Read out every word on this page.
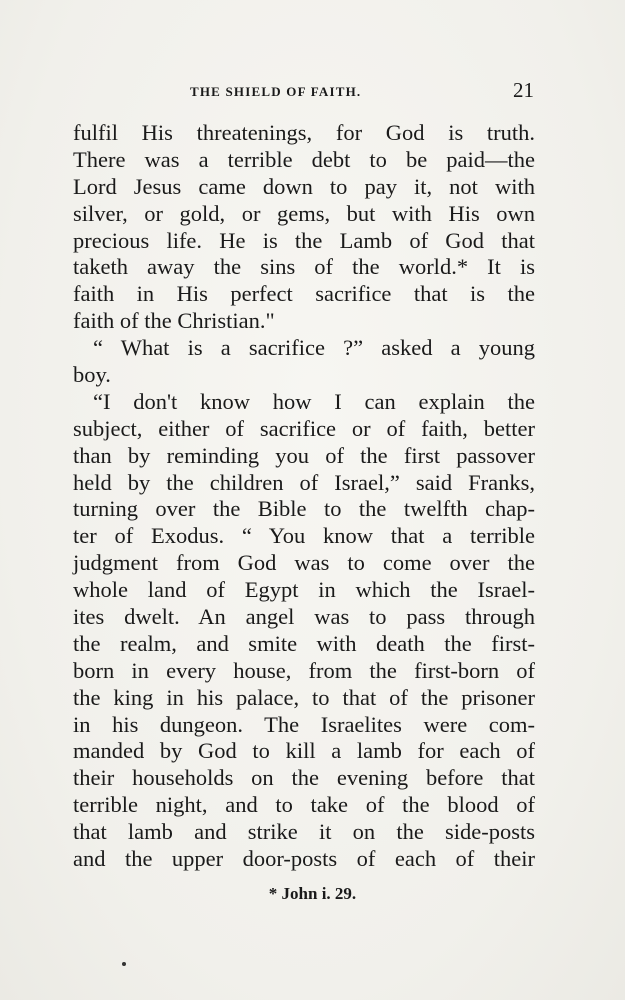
THE SHIELD OF FAITH.	21
fulfil His threatenings, for God is truth.
There was a terrible debt to be paid—the
Lord Jesus came down to pay it, not with
silver, or gold, or gems, but with His own
precious life. He is the Lamb of God that
taketh away the sins of the world.* It is
faith in His perfect sacrifice that is the
faith of the Christian."
“ What is a sacrifice ?” asked a young
boy.
“I don't know how I can explain the
subject, either of sacrifice or of faith, better
than by reminding you of the first passover
held by the children of Israel,” said Franks,
turning over the Bible to the twelfth chap-
ter of Exodus. “ You know that a terrible
judgment from God was to come over the
whole land of Egypt in which the Israel-
ites dwelt. An angel was to pass through
the realm, and smite with death the first-
born in every house, from the first-born of
the king in his palace, to that of the prisoner
in his dungeon. The Israelites were com-
manded by God to kill a lamb for each of
their households on the evening before that
terrible night, and to take of the blood of
that lamb and strike it on the side-posts
and the upper door-posts of each of their
* John i. 29.
